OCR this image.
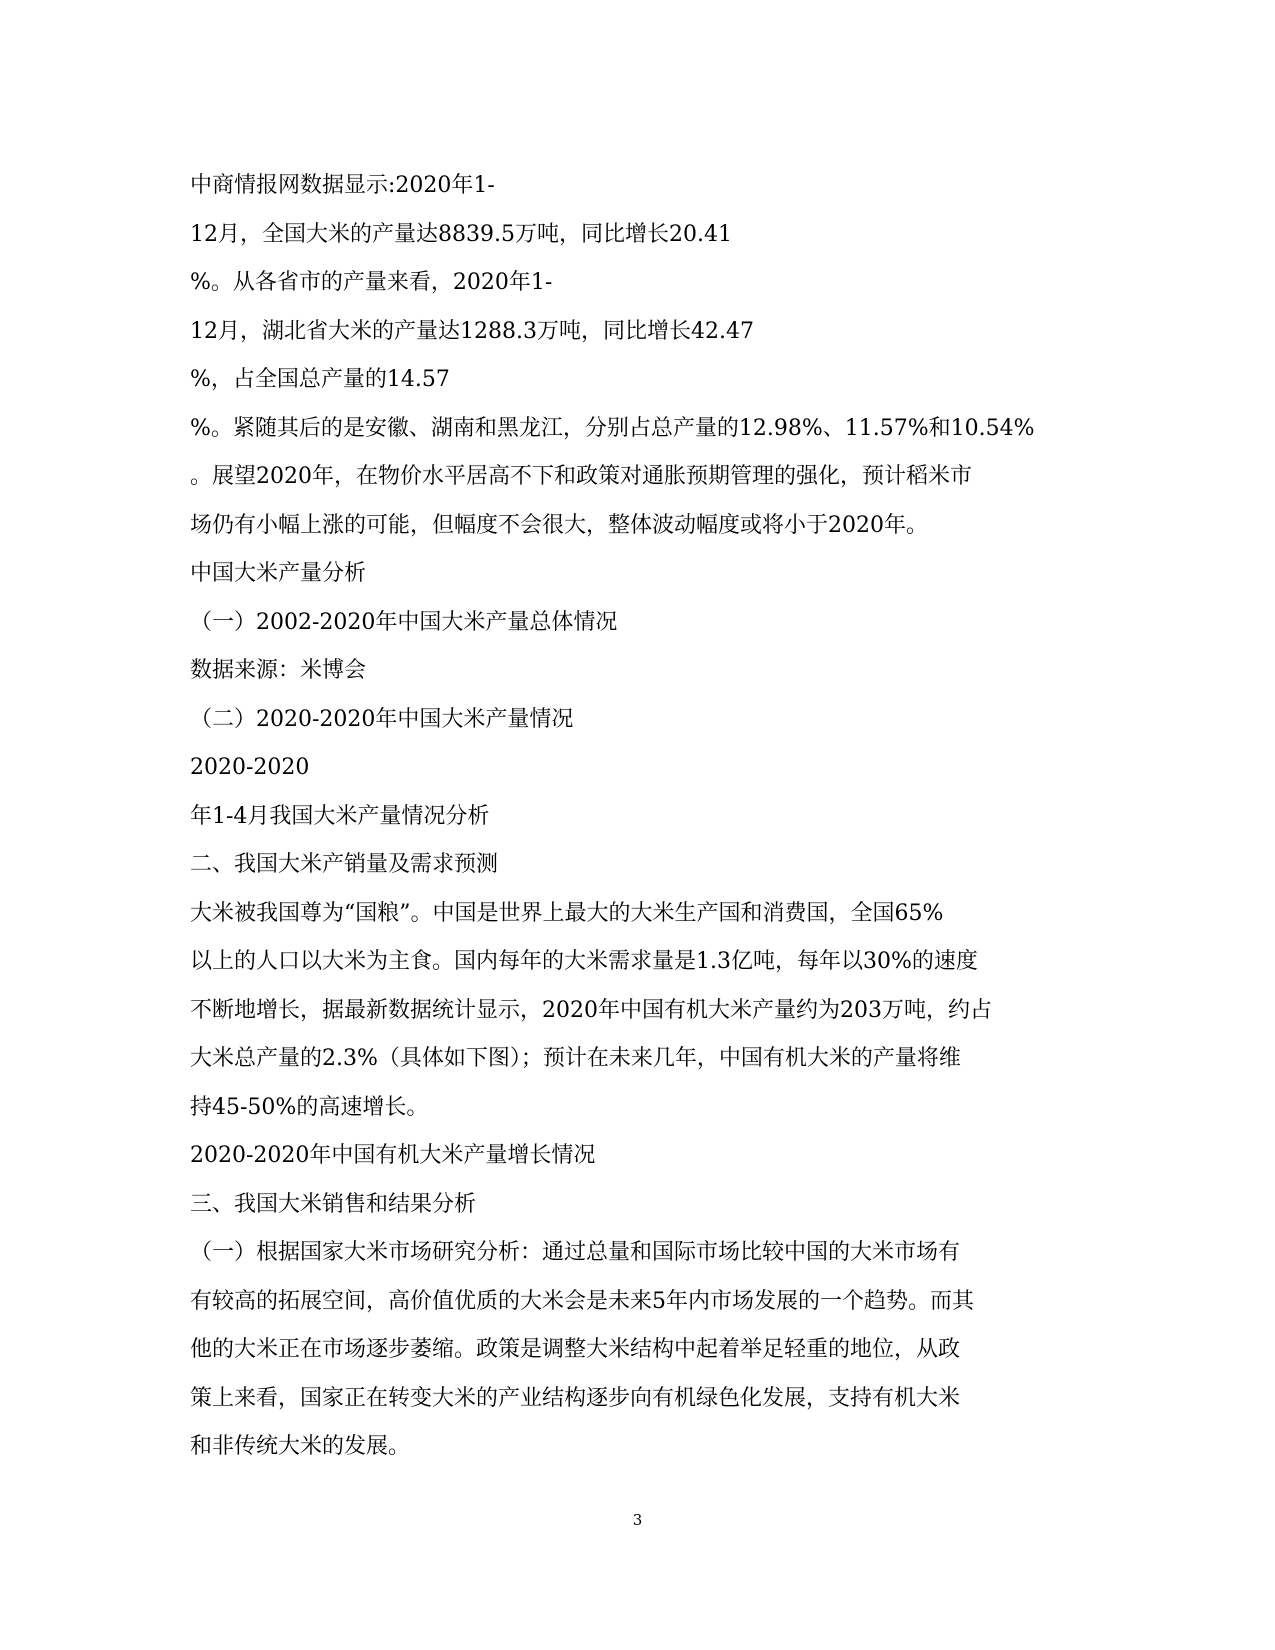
中商情报网数据显示:2020年1-
12月，全国大米的产量达8839.5万吨，同比增长20.41
%。从各省市的产量来看，2020年1-
12月，湖北省大米的产量达1288.3万吨，同比增长42.47
%，占全国总产量的14.57
%。紧随其后的是安徽、湖南和黑龙江，分别占总产量的12.98%、11.57%和10.54%
。展望2020年，在物价水平居高不下和政策对通胀预期管理的强化，预计稻米市
场仍有小幅上涨的可能，但幅度不会很大，整体波动幅度或将小于2020年。
中国大米产量分析
（一）2002-2020年中国大米产量总体情况
数据来源：米博会
（二）2020-2020年中国大米产量情况
2020-2020
年1-4月我国大米产量情况分析
二、我国大米产销量及需求预测
大米被我国尊为“国粮”。中国是世界上最大的大米生产国和消费国，全国65%
以上的人口以大米为主食。国内每年的大米需求量是1.3亿吨，每年以30%的速度
不断地增长，据最新数据统计显示，2020年中国有机大米产量约为203万吨，约占
大米总产量的2.3%（具体如下图）；预计在未来几年，中国有机大米的产量将维
持45-50%的高速增长。
2020-2020年中国有机大米产量增长情况
三、我国大米销售和结果分析
（一）根据国家大米市场研究分析：通过总量和国际市场比较中国的大米市场有
有较高的拓展空间，高价值优质的大米会是未来5年内市场发展的一个趋势。而其
他的大米正在市场逐步萎缩。政策是调整大米结构中起着举足轻重的地位，从政
策上来看，国家正在转变大米的产业结构逐步向有机绿色化发展，支持有机大米
和非传统大米的发展。
3
